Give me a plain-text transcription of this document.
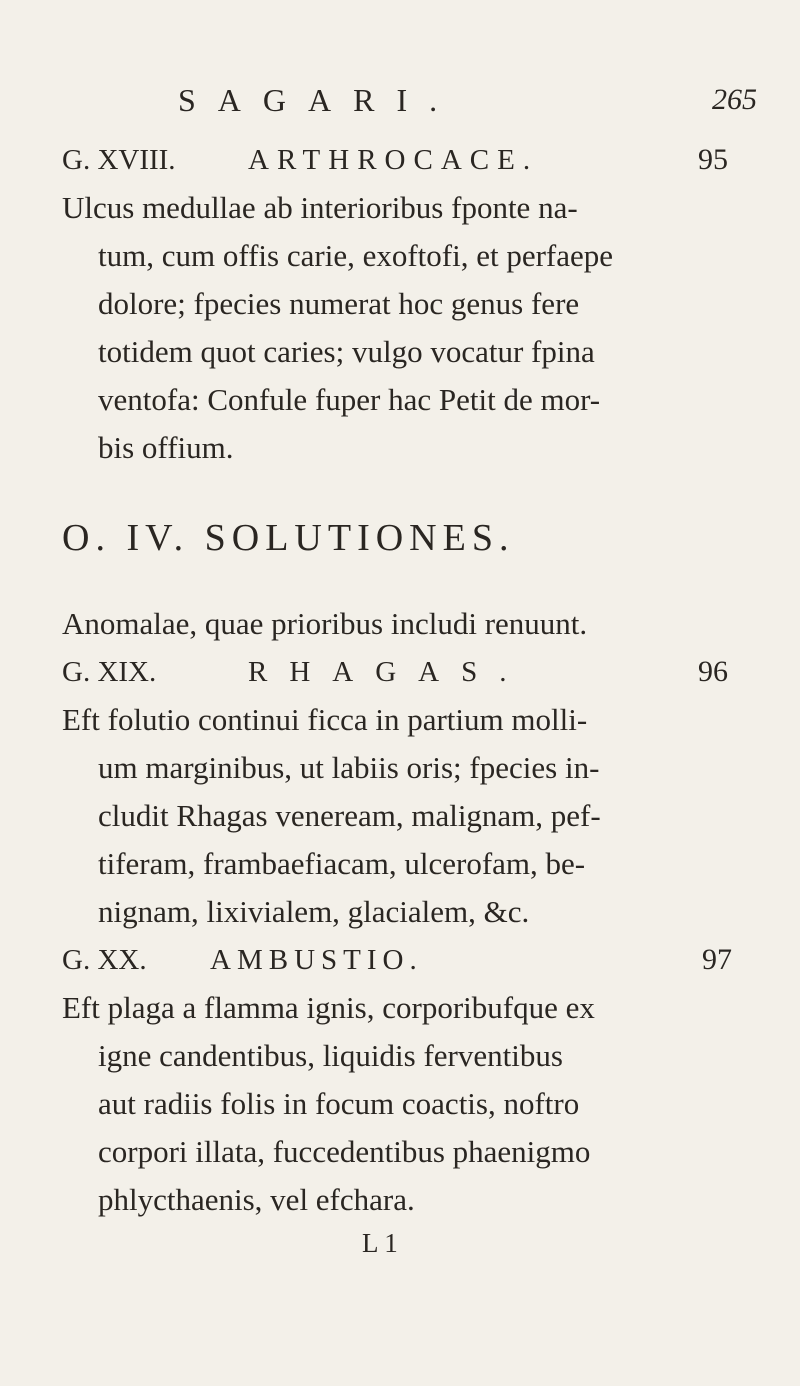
SAGARI.	265
G. XVIII. ARTHROCACE.	95
Ulcus medullae ab interioribus fponte na-
tum, cum offis carie, exoftofi, et perfaepe
dolore; fpecies numerat hoc genus fere
totidem quot caries; vulgo vocatur fpina
ventofa: Confule fuper hac Petit de mor-
bis offium.
O. IV. SOLUTIONES.
Anomalae, quae prioribus includi renuunt.
G. XIX.	RHAGAS.	96
Eft folutio continui ficca in partium molli-
um marginibus, ut labiis oris; fpecies in-
cludit Rhagas veneream, malignam, pef-
tiferam, frambaefiacam, ulcerofam, be-
nignam, lixivialem, glacialem, &c.
G. XX. AMBUSTIO.	97
Eft plaga a flamma ignis, corporibufque ex
igne candentibus, liquidis ferventibus
aut radiis folis in focum coactis, noftro
corpori illata, fuccedentibus phaenigmo
phlycthaenis, vel efchara.
L 1
